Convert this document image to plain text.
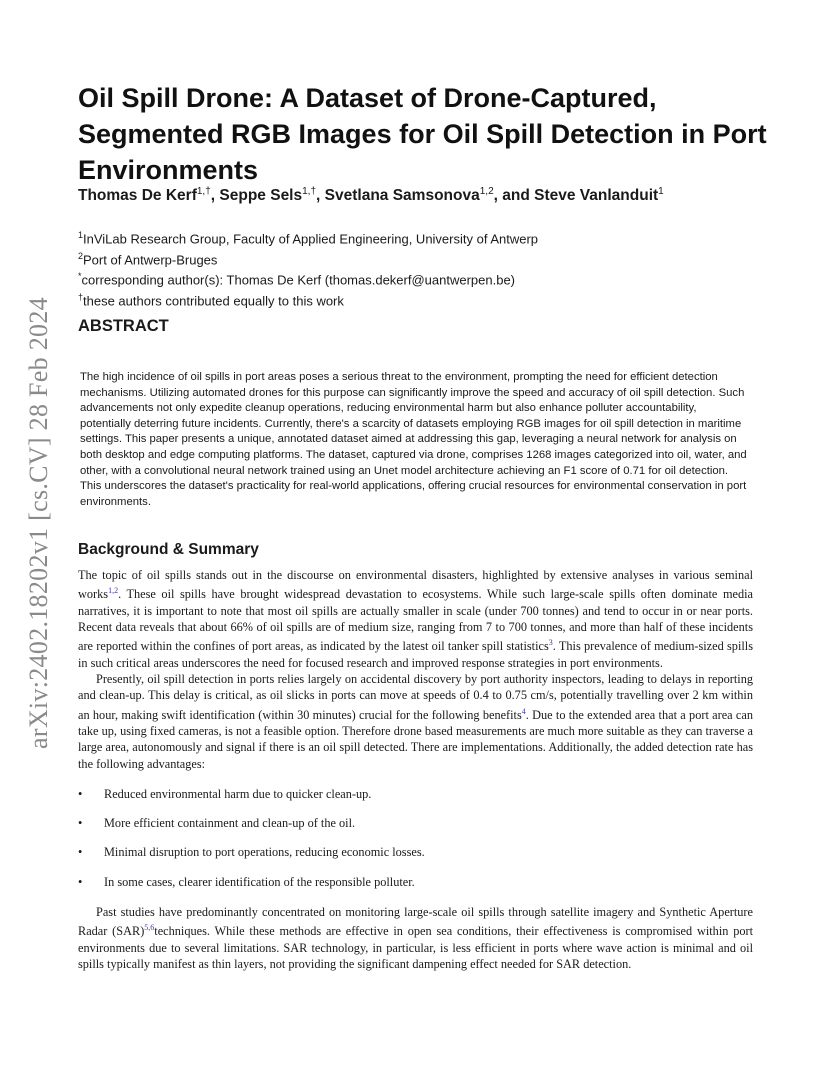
arXiv:2402.18202v1 [cs.CV] 28 Feb 2024
Oil Spill Drone: A Dataset of Drone-Captured, Segmented RGB Images for Oil Spill Detection in Port Environments
Thomas De Kerf$^{1,\dagger}$, Seppe Sels$^{1,\dagger}$, Svetlana Samsonova$^{1,2}$, and Steve Vanlanduit$^1$
$^1$InViLab Research Group, Faculty of Applied Engineering, University of Antwerp
$^2$Port of Antwerp-Bruges
*corresponding author(s): Thomas De Kerf (thomas.dekerf@uantwerpen.be)
†these authors contributed equally to this work
ABSTRACT

The high incidence of oil spills in port areas poses a serious threat to the environment, prompting the need for efficient detection mechanisms. Utilizing automated drones for this purpose can significantly improve the speed and accuracy of oil spill detection. Such advancements not only expedite cleanup operations, reducing environmental harm but also enhance polluter accountability, potentially deterring future incidents. Currently, there's a scarcity of datasets employing RGB images for oil spill detection in maritime settings. This paper presents a unique, annotated dataset aimed at addressing this gap, leveraging a neural network for analysis on both desktop and edge computing platforms. The dataset, captured via drone, comprises 1268 images categorized into oil, water, and other, with a convolutional neural network trained using an Unet model architecture achieving an F1 score of 0.71 for oil detection. This underscores the dataset's practicality for real-world applications, offering crucial resources for environmental conservation in port environments.

Background & Summary

The topic of oil spills stands out in the discourse on environmental disasters, highlighted by extensive analyses in various seminal works$^{1,2}$. These oil spills have brought widespread devastation to ecosystems. While such large-scale spills often dominate media narratives, it is important to note that most oil spills are actually smaller in scale (under 700 tonnes) and tend to occur in or near ports. Recent data reveals that about 66% of oil spills are of medium size, ranging from 7 to 700 tonnes, and more than half of these incidents are reported within the confines of port areas, as indicated by the latest oil tanker spill statistics$^3$. This prevalence of medium-sized spills in such critical areas underscores the need for focused research and improved response strategies in port environments.

Presently, oil spill detection in ports relies largely on accidental discovery by port authority inspectors, leading to delays in reporting and clean-up. This delay is critical, as oil slicks in ports can move at speeds of 0.4 to 0.75 cm/s, potentially travelling over 2 km within an hour, making swift identification (within 30 minutes) crucial for the following benefits$^4$. Due to the extended area that a port area can take up, using fixed cameras, is not a feasible option. Therefore drone based measurements are much more suitable as they can traverse a large area, autonomously and signal if there is an oil spill detected. There are implementations. Additionally, the added detection rate has the following advantages:

• Reduced environmental harm due to quicker clean-up.
• More efficient containment and clean-up of the oil.
• Minimal disruption to port operations, reducing economic losses.
• In some cases, clearer identification of the responsible polluter.

Past studies have predominantly concentrated on monitoring large-scale oil spills through satellite imagery and Synthetic Aperture Radar (SAR)$^{5,6}$techniques. While these methods are effective in open sea conditions, their effectiveness is compromised within port environments due to several limitations. SAR technology, in particular, is less efficient in ports where wave action is minimal and oil spills typically manifest as thin layers, not providing the significant dampening effect needed for SAR detection.
